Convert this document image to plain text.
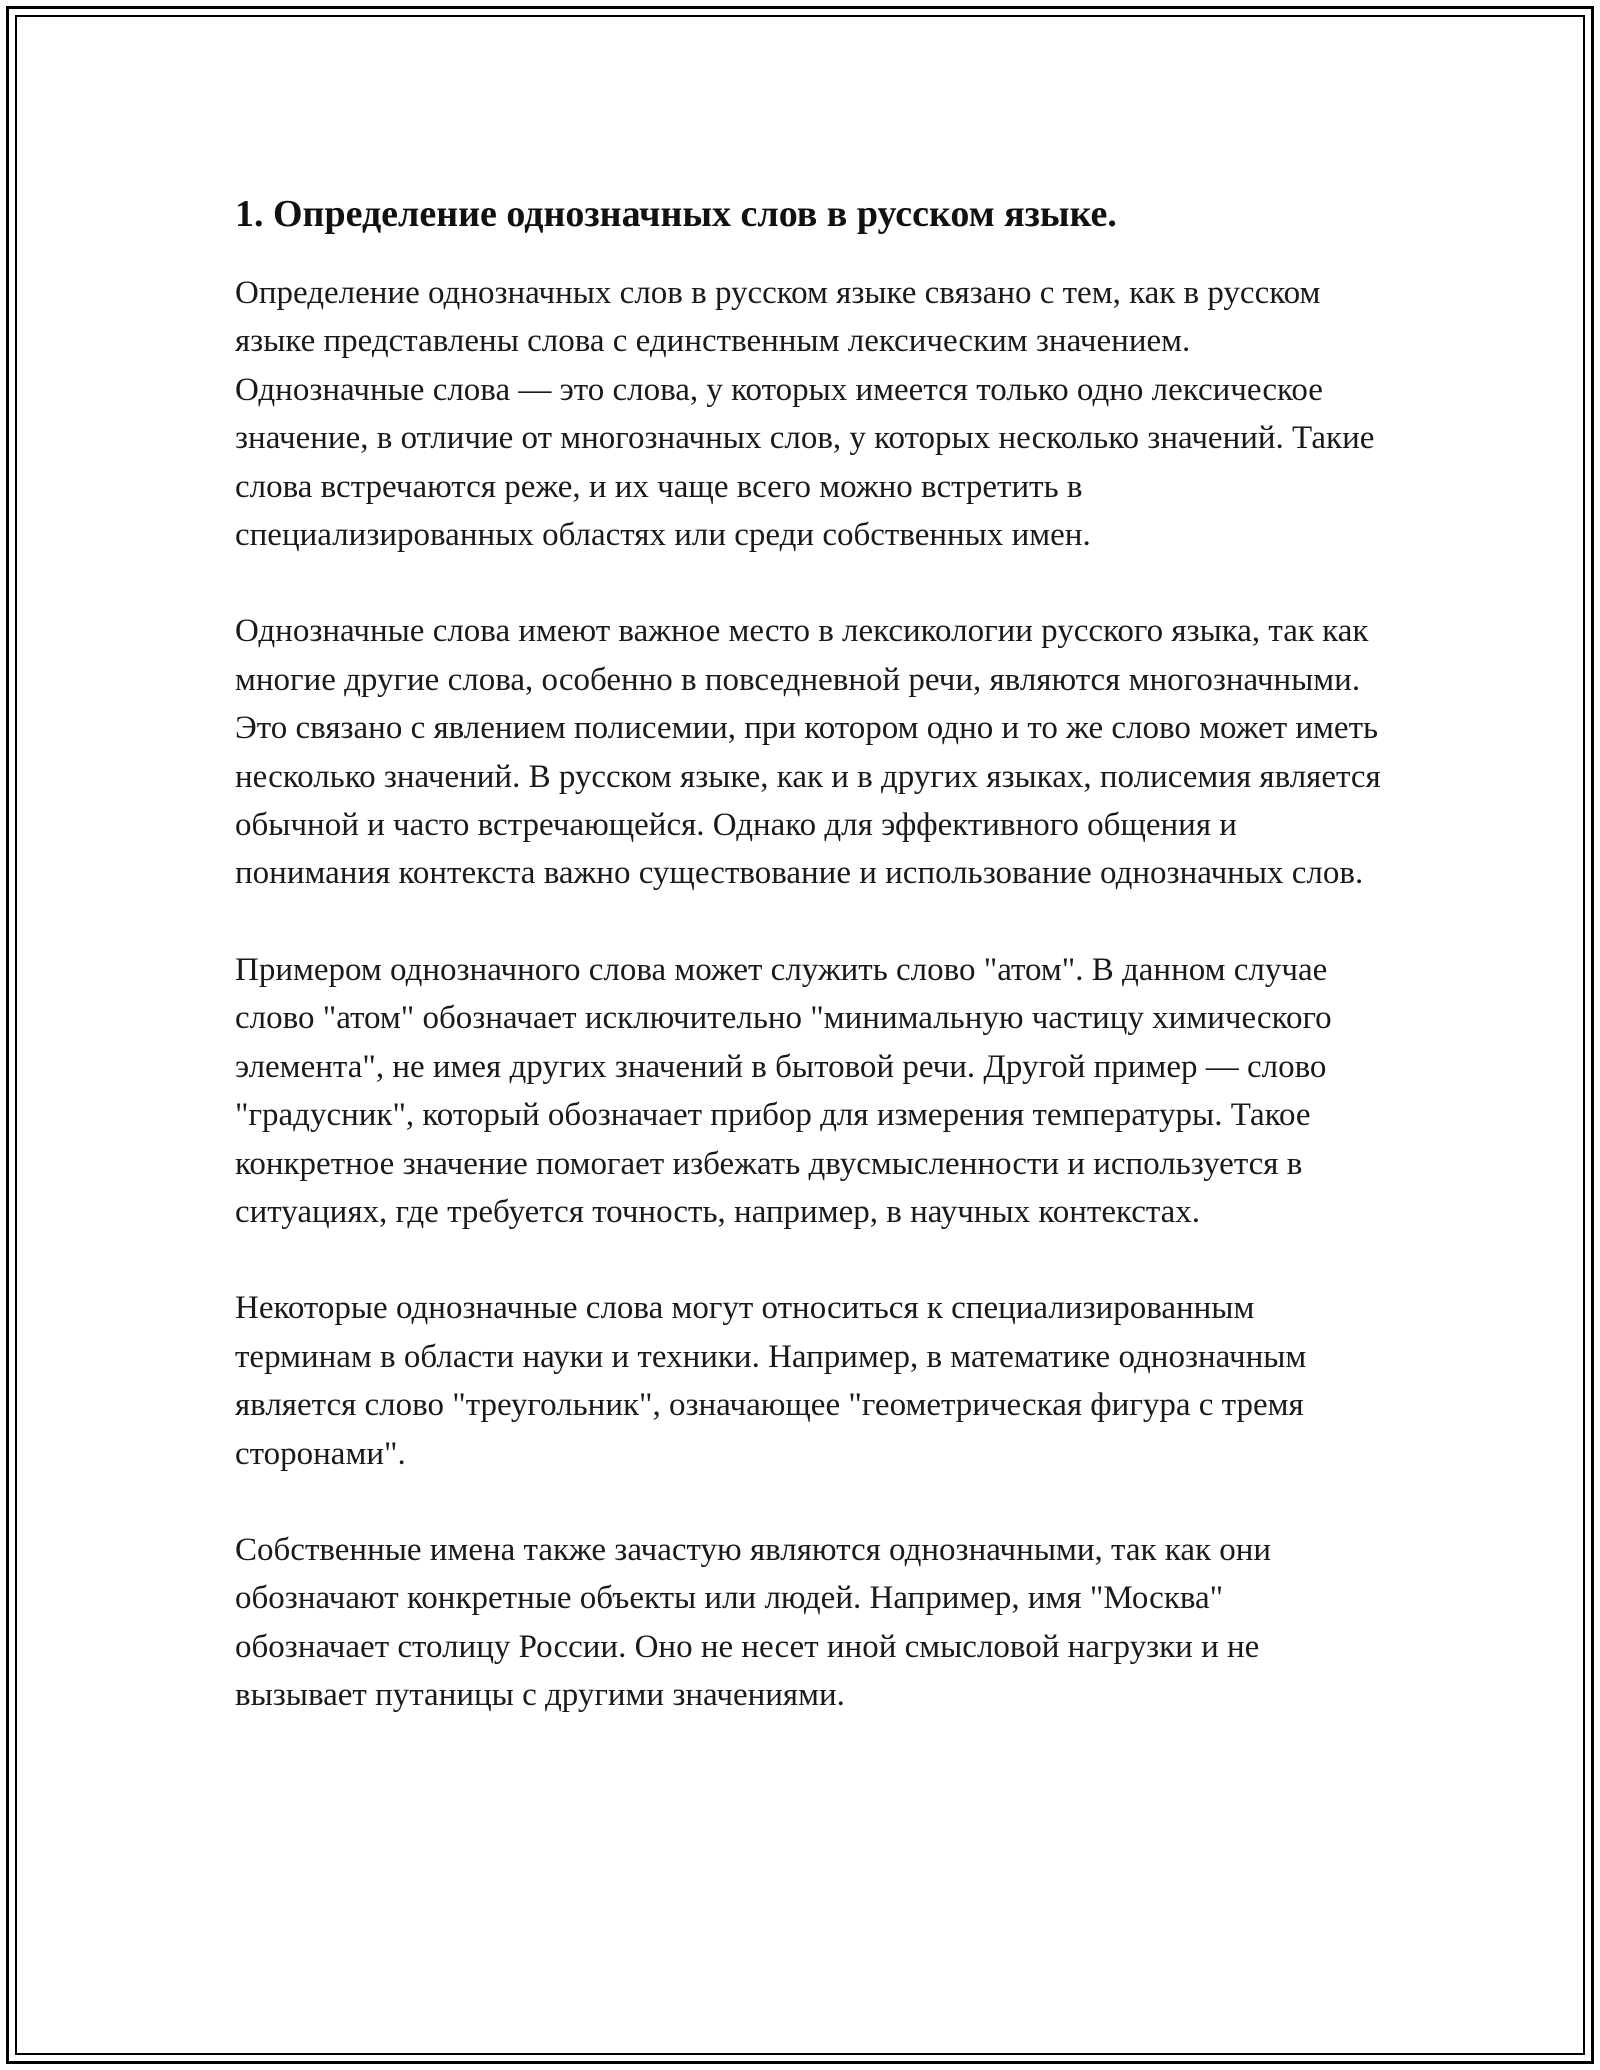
1. Определение однозначных слов в русском языке.

Определение однозначных слов в русском языке связано с тем, как в русском языке представлены слова с единственным лексическим значением. Однозначные слова — это слова, у которых имеется только одно лексическое значение, в отличие от многозначных слов, у которых несколько значений. Такие слова встречаются реже, и их чаще всего можно встретить в специализированных областях или среди собственных имен.

Однозначные слова имеют важное место в лексикологии русского языка, так как многие другие слова, особенно в повседневной речи, являются многозначными. Это связано с явлением полисемии, при котором одно и то же слово может иметь несколько значений. В русском языке, как и в других языках, полисемия является обычной и часто встречающейся. Однако для эффективного общения и понимания контекста важно существование и использование однозначных слов.

Примером однозначного слова может служить слово "атом". В данном случае слово "атом" обозначает исключительно "минимальную частицу химического элемента", не имея других значений в бытовой речи. Другой пример — слово "градусник", который обозначает прибор для измерения температуры. Такое конкретное значение помогает избежать двусмысленности и используется в ситуациях, где требуется точность, например, в научных контекстах.

Некоторые однозначные слова могут относиться к специализированным терминам в области науки и техники. Например, в математике однозначным является слово "треугольник", означающее "геометрическая фигура с тремя сторонами".

Собственные имена также зачастую являются однозначными, так как они обозначают конкретные объекты или людей. Например, имя "Москва" обозначает столицу России. Оно не несет иной смысловой нагрузки и не вызывает путаницы с другими значениями.
